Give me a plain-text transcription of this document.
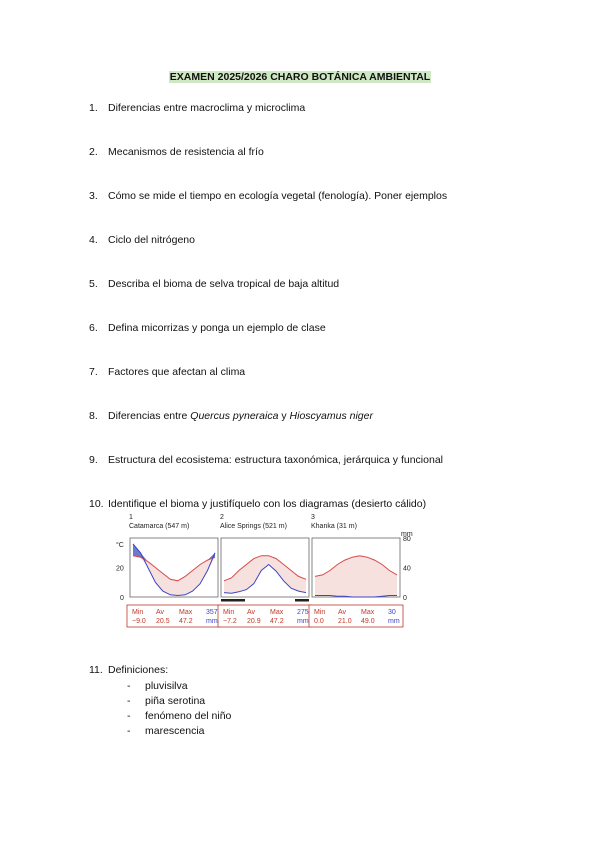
EXAMEN 2025/2026 CHARO BOTÁNICA AMBIENTAL
1. Diferencias entre macroclima y microclima
2. Mecanismos de resistencia al frío
3. Cómo se mide el tiempo en ecología vegetal (fenología). Poner ejemplos
4. Ciclo del nitrógeno
5. Describa el bioma de selva tropical de baja altitud
6. Defina micorrizas y ponga un ejemplo de clase
7. Factores que afectan al clima
8. Diferencias entre Quercus pyneraica y Hioscyamus niger
9. Estructura del ecosistema: estructura taxonómica, jerárquica y funcional
10. Identifique el bioma y justifíquelo con los diagramas (desierto cálido)
°C
20
0
mm
80
40
0
1
Catamarca (547 m)
Min Av Max 357
−9.0 20.5 47.2 mm
2
Alice Springs (521 m)
Min Av Max 275
−7.2 20.9 47.2 mm
3
Khanka (31 m)
Min Av Max 30
0.0 21.0 49.0 mm
11. Definiciones:
- pluvisilva
- piña serotina
- fenómeno del niño
- marescencia
